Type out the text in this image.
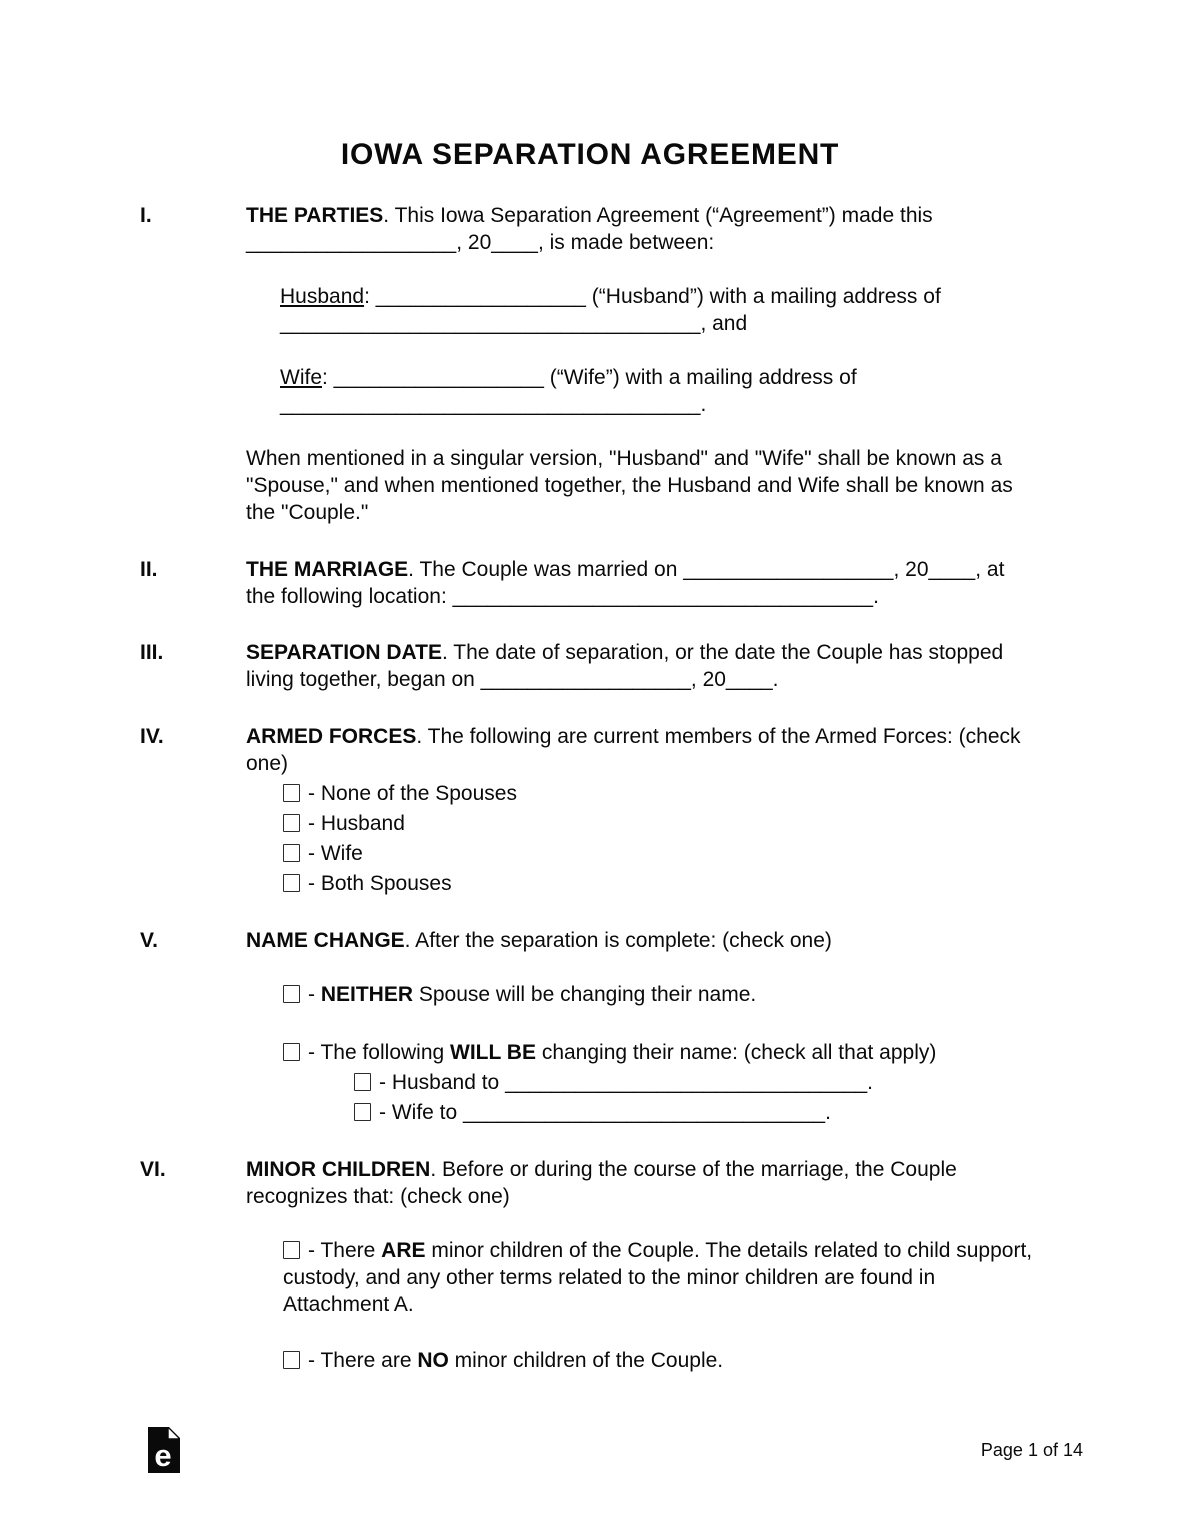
IOWA SEPARATION AGREEMENT
I.	THE PARTIES. This Iowa Separation Agreement (“Agreement”) made this __________________, 20____, is made between:

Husband: __________________ (“Husband”) with a mailing address of ____________________________________, and

Wife: __________________ (“Wife”) with a mailing address of ____________________________________.

When mentioned in a singular version, "Husband" and "Wife" shall be known as a "Spouse," and when mentioned together, the Husband and Wife shall be known as the "Couple."

II.	THE MARRIAGE. The Couple was married on __________________, 20____, at the following location: ____________________________________.

III.	SEPARATION DATE. The date of separation, or the date the Couple has stopped living together, began on __________________, 20____.

IV.	ARMED FORCES. The following are current members of the Armed Forces: (check one)

- None of the Spouses

- Husband

- Wife

- Both Spouses

V.	NAME CHANGE. After the separation is complete: (check one)

- NEITHER Spouse will be changing their name.

- The following WILL BE changing their name: (check all that apply)

- Husband to _______________________________.

- Wife to _______________________________.

VI.	MINOR CHILDREN. Before or during the course of the marriage, the Couple recognizes that: (check one)

- There ARE minor children of the Couple. The details related to child support, custody, and any other terms related to the minor children are found in Attachment A.

- There are NO minor children of the Couple.

e	Page 1 of 14
